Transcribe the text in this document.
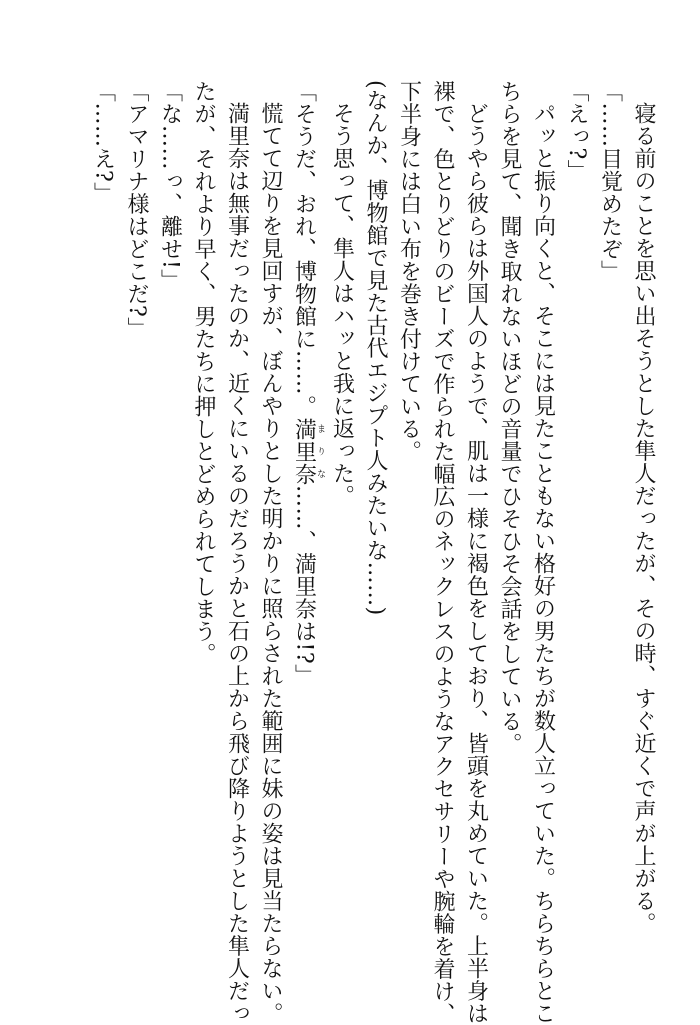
寝る前のことを思い出そうとした隼人だったが、その時、すぐ近くで声が上がる。
「……目覚めたぞ」
「えっ?」
パッと振り向くと、そこには見たこともない格好の男たちが数人立っていた。ちらちらとこ
ちらを見て、聞き取れないほどの音量でひそひそ会話をしている。
どうやら彼らは外国人のようで、肌は一様に褐色をしており、皆頭を丸めていた。上半身は
裸で、色とりどりのビーズで作られた幅広のネックレスのようなアクセサリーや腕輪を着け、
下半身には白い布を巻き付けている。
(なんか、博物館で見た古代エジプト人みたいな……)
そう思って、隼人はハッと我に返った。
「そうだ、おれ、博物館に……。満里奈まりな……、満里奈は!?」
慌てて辺りを見回すが、ぼんやりとした明かりに照らされた範囲に妹の姿は見当たらない。
満里奈は無事だったのか、近くにいるのだろうかと石の上から飛び降りようとした隼人だっ
たが、それより早く、男たちに押しとどめられてしまう。
「な……っ、離せ!」
「アマリナ様はどこだ?」
「……え?」
